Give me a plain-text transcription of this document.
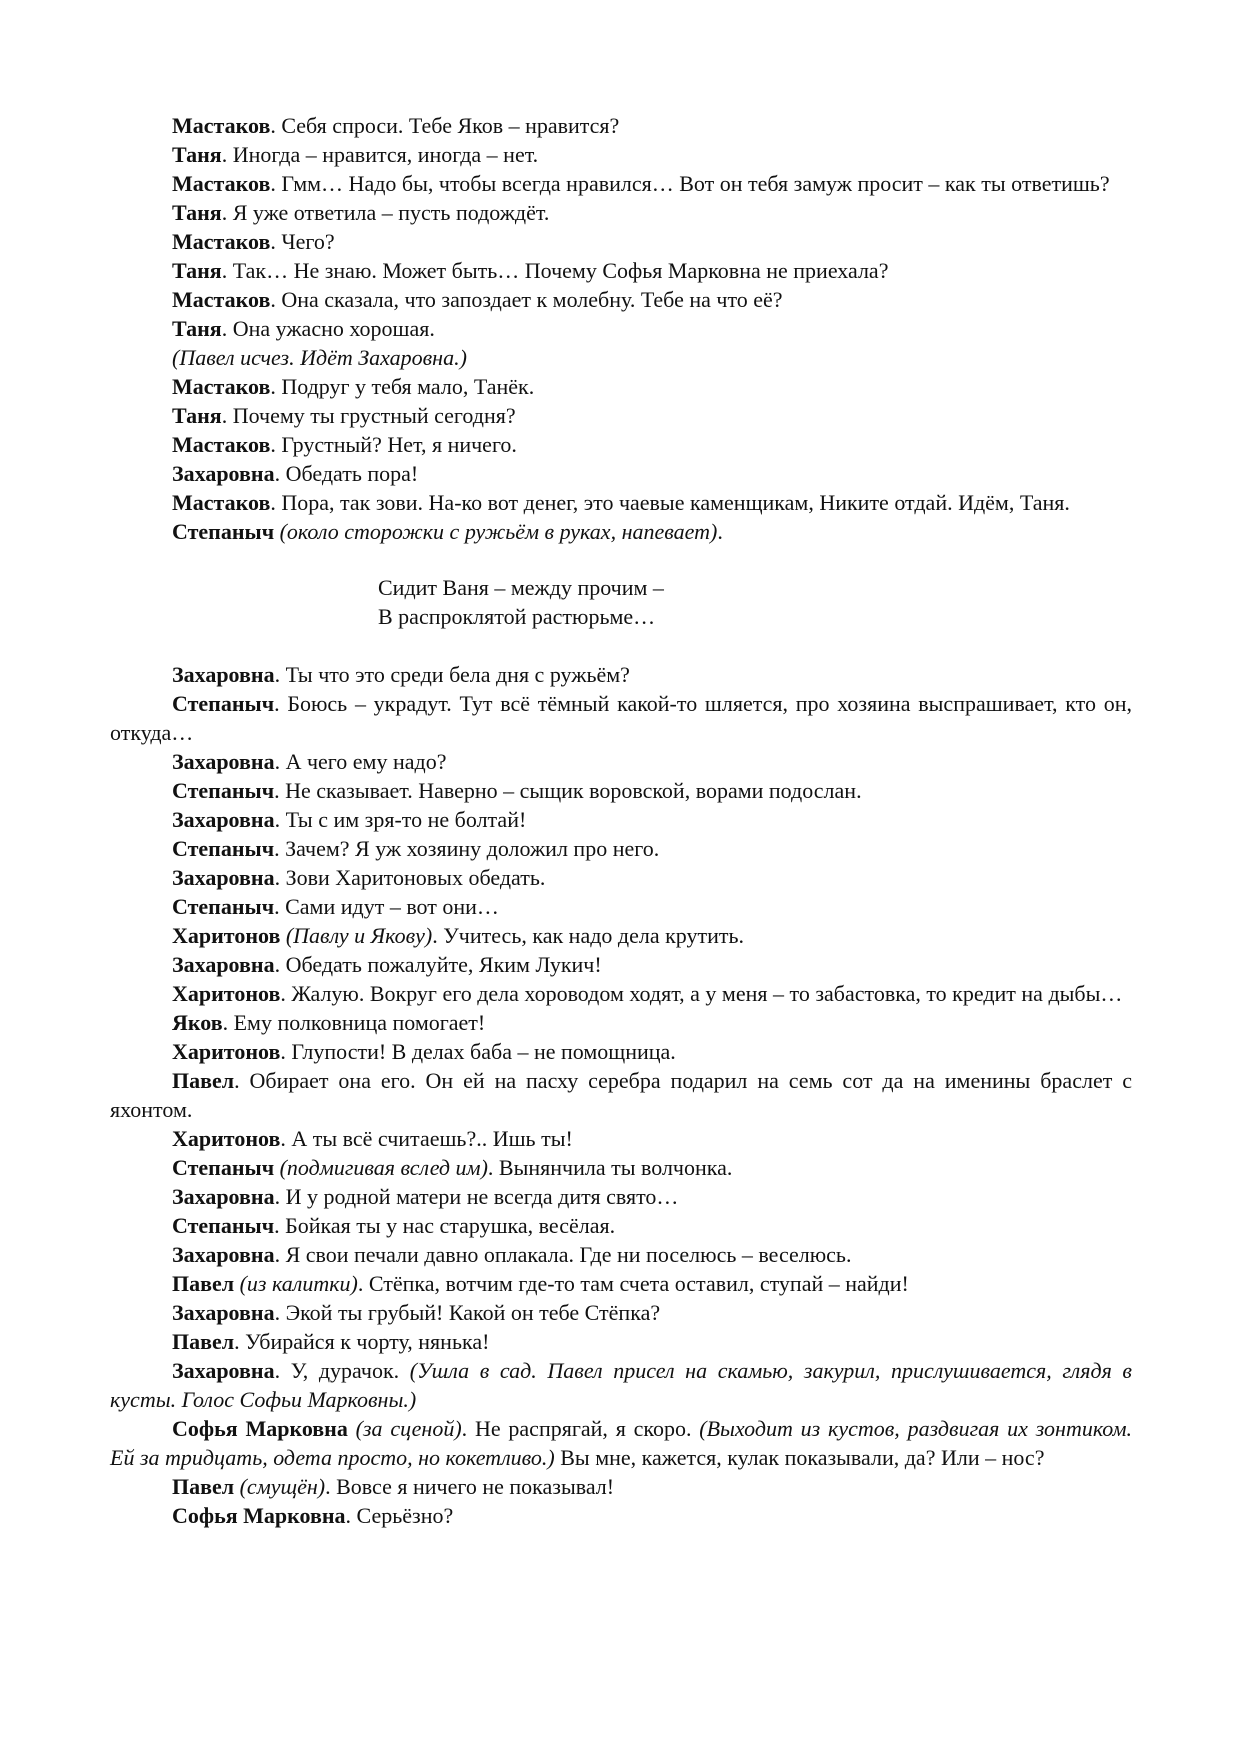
Мастаков. Себя спроси. Тебе Яков – нравится?

Таня. Иногда – нравится, иногда – нет.

Мастаков. Гмм… Надо бы, чтобы всегда нравился… Вот он тебя замуж просит – как ты ответишь?

Таня. Я уже ответила – пусть подождёт.

Мастаков. Чего?

Таня. Так… Не знаю. Может быть… Почему Софья Марковна не приехала?

Мастаков. Она сказала, что запоздает к молебну. Тебе на что её?

Таня. Она ужасно хорошая.

(Павел исчез. Идёт Захаровна.)

Мастаков. Подруг у тебя мало, Танёк.

Таня. Почему ты грустный сегодня?

Мастаков. Грустный? Нет, я ничего.

Захаровна. Обедать пора!

Мастаков. Пора, так зови. На-ко вот денег, это чаевые каменщикам, Никите отдай. Идём, Таня.

Степаныч (около сторожки с ружьём в руках, напевает).

Сидит Ваня – между прочим –
В распроклятой растюрьме…

Захаровна. Ты что это среди бела дня с ружьём?

Степаныч. Боюсь – украдут. Тут всё тёмный какой-то шляется, про хозяина выспрашивает, кто он, откуда…

Захаровна. А чего ему надо?

Степаныч. Не сказывает. Наверно – сыщик воровской, ворами подослан.

Захаровна. Ты с им зря-то не болтай!

Степаныч. Зачем? Я уж хозяину доложил про него.

Захаровна. Зови Харитоновых обедать.

Степаныч. Сами идут – вот они…

Харитонов (Павлу и Якову). Учитесь, как надо дела крутить.

Захаровна. Обедать пожалуйте, Яким Лукич!

Харитонов. Жалую. Вокруг его дела хороводом ходят, а у меня – то забастовка, то кредит на дыбы…

Яков. Ему полковница помогает!

Харитонов. Глупости! В делах баба – не помощница.

Павел. Обирает она его. Он ей на пасху серебра подарил на семь сот да на именины браслет с яхонтом.

Харитонов. А ты всё считаешь?.. Ишь ты!

Степаныч (подмигивая вслед им). Вынянчила ты волчонка.

Захаровна. И у родной матери не всегда дитя свято…

Степаныч. Бойкая ты у нас старушка, весёлая.

Захаровна. Я свои печали давно оплакала. Где ни поселюсь – веселюсь.

Павел (из калитки). Стёпка, вотчим где-то там счета оставил, ступай – найди!

Захаровна. Экой ты грубый! Какой он тебе Стёпка?

Павел. Убирайся к чорту, нянька!

Захаровна. У, дурачок. (Ушла в сад. Павел присел на скамью, закурил, прислушивается, глядя в кусты. Голос Софьи Марковны.)

Софья Марковна (за сценой). Не распрягай, я скоро. (Выходит из кустов, раздвигая их зонтиком. Ей за тридцать, одета просто, но кокетливо.) Вы мне, кажется, кулак показывали, да? Или – нос?

Павел (смущён). Вовсе я ничего не показывал!

Софья Марковна. Серьёзно?
